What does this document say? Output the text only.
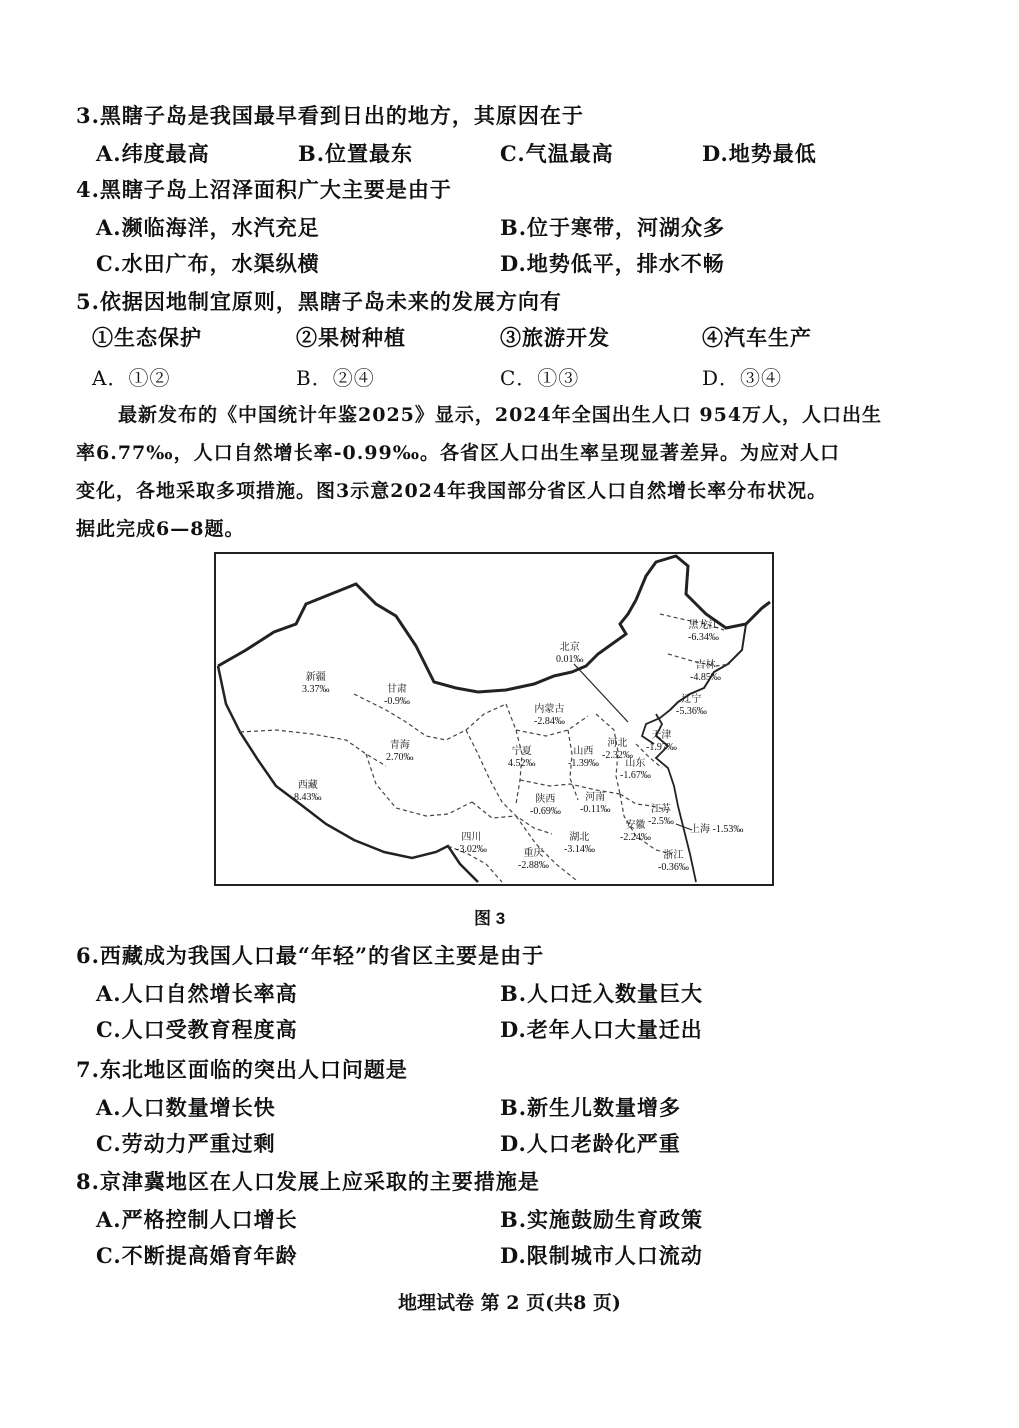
3.黑瞎子岛是我国最早看到日出的地方，其原因在于
A.纬度最高	B.位置最东	C.气温最高	D.地势最低
4.黑瞎子岛上沼泽面积广大主要是由于
A.濒临海洋，水汽充足	B.位于寒带，河湖众多
C.水田广布，水渠纵横	D.地势低平，排水不畅
5.依据因地制宜原则，黑瞎子岛未来的发展方向有
①生态保护	②果树种植	③旅游开发	④汽车生产
A．①②	B．②④	C．①③	D．③④
最新发布的《中国统计年鉴2025》显示，2024年全国出生人口 954万人，人口出生
率6.77‰，人口自然增长率-0.99‰。各省区人口出生率呈现显著差异。为应对人口
变化，各地采取多项措施。图3示意2024年我国部分省区人口自然增长率分布状况。
据此完成6—8题。
新疆
3.37‰
西藏
8.43‰
甘肃
-0.9‰
青海
2.70‰
内蒙古
-2.84‰
宁夏
4.52‰
山西
-1.39‰
陕西
-0.69‰
河南
-0.11‰
四川
-3.02‰	重庆
-2.88‰
湖北
-3.14‰
北京
0.01‰
黑龙江
-6.34‰
吉林
-4.85‰
辽宁
-5.36‰
河北
-2.32‰
天津
-1.97‰
山东
-1.67‰
江苏
-2.5‰
安徽
-2.24‰
上海 -1.53‰
浙江
-0.36‰
图 3
6.西藏成为我国人口最“年轻”的省区主要是由于
A.人口自然增长率高	B.人口迁入数量巨大
C.人口受教育程度高	D.老年人口大量迁出
7.东北地区面临的突出人口问题是
A.人口数量增长快	B.新生儿数量增多
C.劳动力严重过剩	D.人口老龄化严重
8.京津冀地区在人口发展上应采取的主要措施是
A.严格控制人口增长	B.实施鼓励生育政策
C.不断提高婚育年龄	D.限制城市人口流动
地理试卷 第 2 页(共8 页)
